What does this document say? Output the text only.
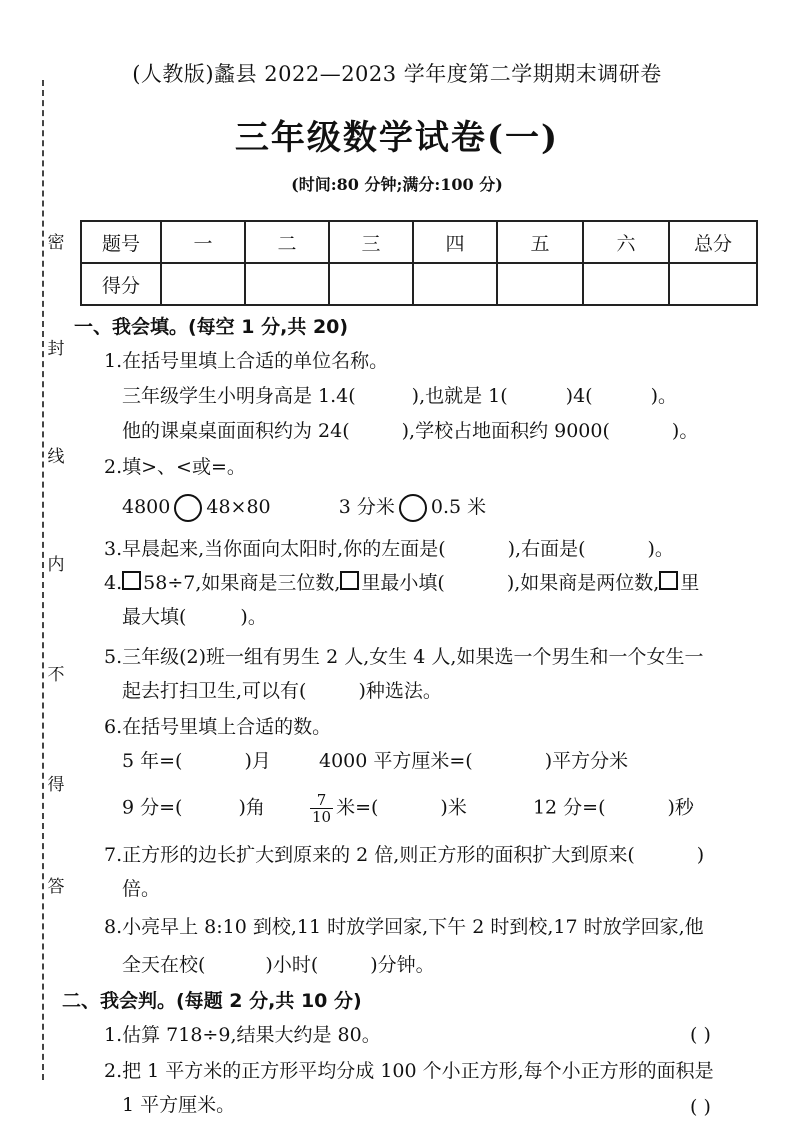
密
封
线
内
不
得
答
(人教版)蠡县 2022—2023 学年度第二学期期末调研卷
三年级数学试卷(一)
(时间:80 分钟;满分:100 分)
题号	一	二	三	四	五	六	总分
得分							
一、我会填。(每空 1 分,共 20)
1.在括号里填上合适的单位名称。
三年级学生小明身高是 1.4(	),也就是 1(	)4(	)。
他的课桌桌面面积约为 24(	),学校占地面积约 9000(	)。
2.填>、<或=。
4800 48×80	3 分米 0.5 米
3.早晨起来,当你面向太阳时,你的左面是(	),右面是(	)。
4. 58÷7,如果商是三位数, 里最小填(	),如果商是两位数, 里
最大填(	)。
5.三年级(2)班一组有男生 2 人,女生 4 人,如果选一个男生和一个女生一
起去打扫卫生,可以有(	)种选法。
6.在括号里填上合适的数。
5 年=(	)月	4000 平方厘米=(	)平方分米
9 分=(	)角	$\frac{7}{10}$ 米=(	)米	12 分=(	)秒
7.正方形的边长扩大到原来的 2 倍,则正方形的面积扩大到原来(	)
倍。
8.小亮早上 8:10 到校,11 时放学回家,下午 2 时到校,17 时放学回家,他
全天在校(	)小时(	)分钟。
二、我会判。(每题 2 分,共 10 分)
1.估算 718÷9,结果大约是 80。	( )
2.把 1 平方米的正方形平均分成 100 个小正方形,每个小正方形的面积是
1 平方厘米。	( )
